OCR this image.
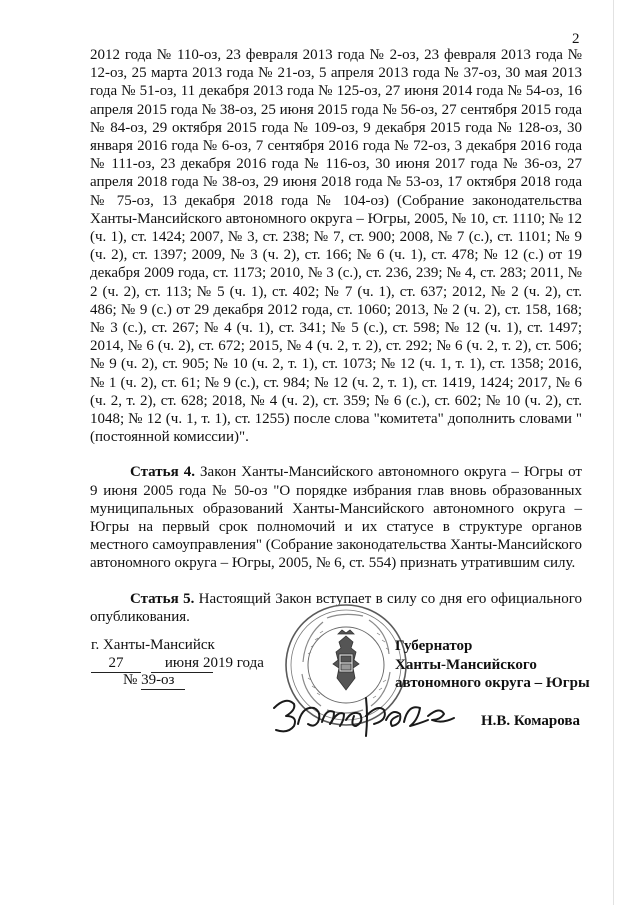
2

2012 года № 110-оз, 23 февраля 2013 года № 2-оз, 23 февраля 2013 года № 12-оз, 25 марта 2013 года № 21-оз, 5 апреля 2013 года № 37-оз, 30 мая 2013 года № 51-оз, 11 декабря 2013 года № 125-оз, 27 июня 2014 года № 54-оз, 16 апреля 2015 года № 38-оз, 25 июня 2015 года № 56-оз, 27 сентября 2015 года № 84-оз, 29 октября 2015 года № 109-оз, 9 декабря 2015 года № 128-оз, 30 января 2016 года № 6-оз, 7 сентября 2016 года № 72-оз, 3 декабря 2016 года № 111-оз, 23 декабря 2016 года № 116-оз, 30 июня 2017 года № 36-оз, 27 апреля 2018 года № 38-оз, 29 июня 2018 года № 53-оз, 17 октября 2018 года № 75-оз, 13 декабря 2018 года № 104-оз) (Собрание законодательства Ханты-Мансийского автономного округа – Югры, 2005, № 10, ст. 1110; № 12 (ч. 1), ст. 1424; 2007, № 3, ст. 238; № 7, ст. 900; 2008, № 7 (с.), ст. 1101; № 9 (ч. 2), ст. 1397; 2009, № 3 (ч. 2), ст. 166; № 6 (ч. 1), ст. 478; № 12 (с.) от 19 декабря 2009 года, ст. 1173; 2010, № 3 (с.), ст. 236, 239; № 4, ст. 283; 2011, № 2 (ч. 2), ст. 113; № 5 (ч. 1), ст. 402; № 7 (ч. 1), ст. 637; 2012, № 2 (ч. 2), ст. 486; № 9 (с.) от 29 декабря 2012 года, ст. 1060; 2013, № 2 (ч. 2), ст. 158, 168; № 3 (с.), ст. 267; № 4 (ч. 1), ст. 341; № 5 (с.), ст. 598; № 12 (ч. 1), ст. 1497; 2014, № 6 (ч. 2), ст. 672; 2015, № 4 (ч. 2, т. 2), ст. 292; № 6 (ч. 2, т. 2), ст. 506; № 9 (ч. 2), ст. 905; № 10 (ч. 2, т. 1), ст. 1073; № 12 (ч. 1, т. 1), ст. 1358; 2016, № 1 (ч. 2), ст. 61; № 9 (с.), ст. 984; № 12 (ч. 2, т. 1), ст. 1419, 1424; 2017, № 6 (ч. 2, т. 2), ст. 628; 2018, № 4 (ч. 2), ст. 359; № 6 (с.), ст. 602; № 10 (ч. 2), ст. 1048; № 12 (ч. 1, т. 1), ст. 1255) после слова "комитета" дополнить словами "(постоянной комиссии)".

Статья 4. Закон Ханты-Мансийского автономного округа – Югры от 9 июня 2005 года № 50-оз "О порядке избрания глав вновь образованных муниципальных образований Ханты-Мансийского автономного округа – Югры на первый срок полномочий и их статусе в структуре органов местного самоуправления" (Собрание законодательства Ханты-Мансийского автономного округа – Югры, 2005, № 6, ст. 554) признать утратившим силу.

Статья 5. Настоящий Закон вступает в силу со дня его официального опубликования.

г. Ханты-Мансийск
27	июня 2019 года
№ 39-оз
Губернатор
Ханты-Мансийского
автономного округа – Югры
Н.В. Комарова
